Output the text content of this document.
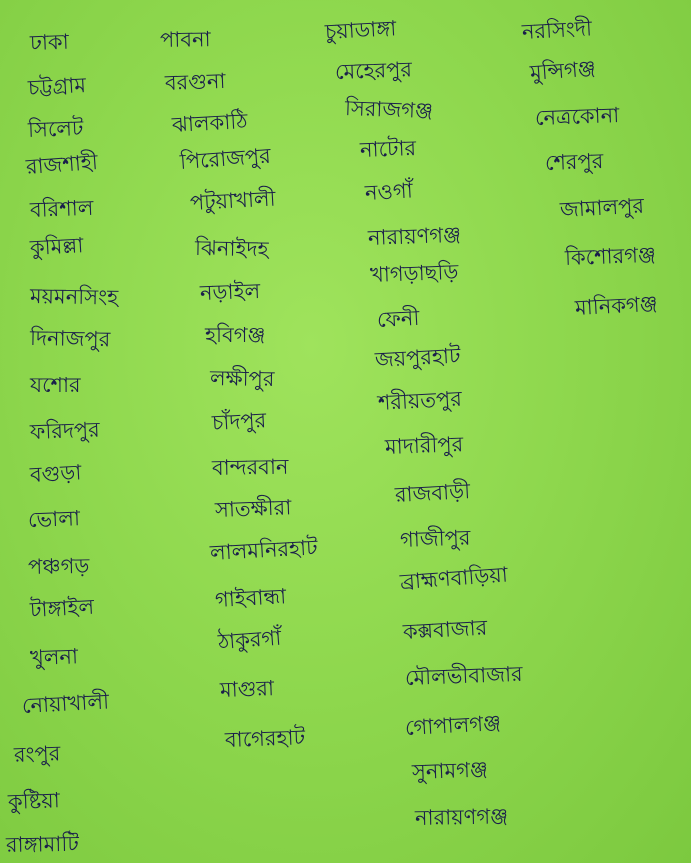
ঢাকা
চট্টগ্রাম
সিলেট
রাজশাহী
বরিশাল
কুমিল্লা
ময়মনসিংহ
দিনাজপুর
যশোর
ফরিদপুর
বগুড়া
ভোলা
পঞ্চগড়
টাঙ্গাইল
খুলনা
নোয়াখালী
রংপুর
কুষ্টিয়া
রাঙ্গামাটি
পাবনা
বরগুনা
ঝালকাঠি
পিরোজপুর
পটুয়াখালী
ঝিনাইদহ
নড়াইল
হবিগঞ্জ
লক্ষীপুর
চাঁদপুর
বান্দরবান
সাতক্ষীরা
লালমনিরহাট
গাইবান্ধা
ঠাকুরগাঁ
মাগুরা
বাগেরহাট
চুয়াডাঙ্গা
মেহেরপুর
সিরাজগঞ্জ
নাটোর
নওগাঁ
নারায়ণগঞ্জ
খাগড়াছড়ি
ফেনী
জয়পুরহাট
শরীয়তপুর
মাদারীপুর
রাজবাড়ী
গাজীপুর
ব্রাহ্মণবাড়িয়া
কক্সবাজার
মৌলভীবাজার
গোপালগঞ্জ
সুনামগঞ্জ
নারায়ণগঞ্জ
নরসিংদী
মুন্সিগঞ্জ
নেত্রকোনা
শেরপুর
জামালপুর
কিশোরগঞ্জ
মানিকগঞ্জ
